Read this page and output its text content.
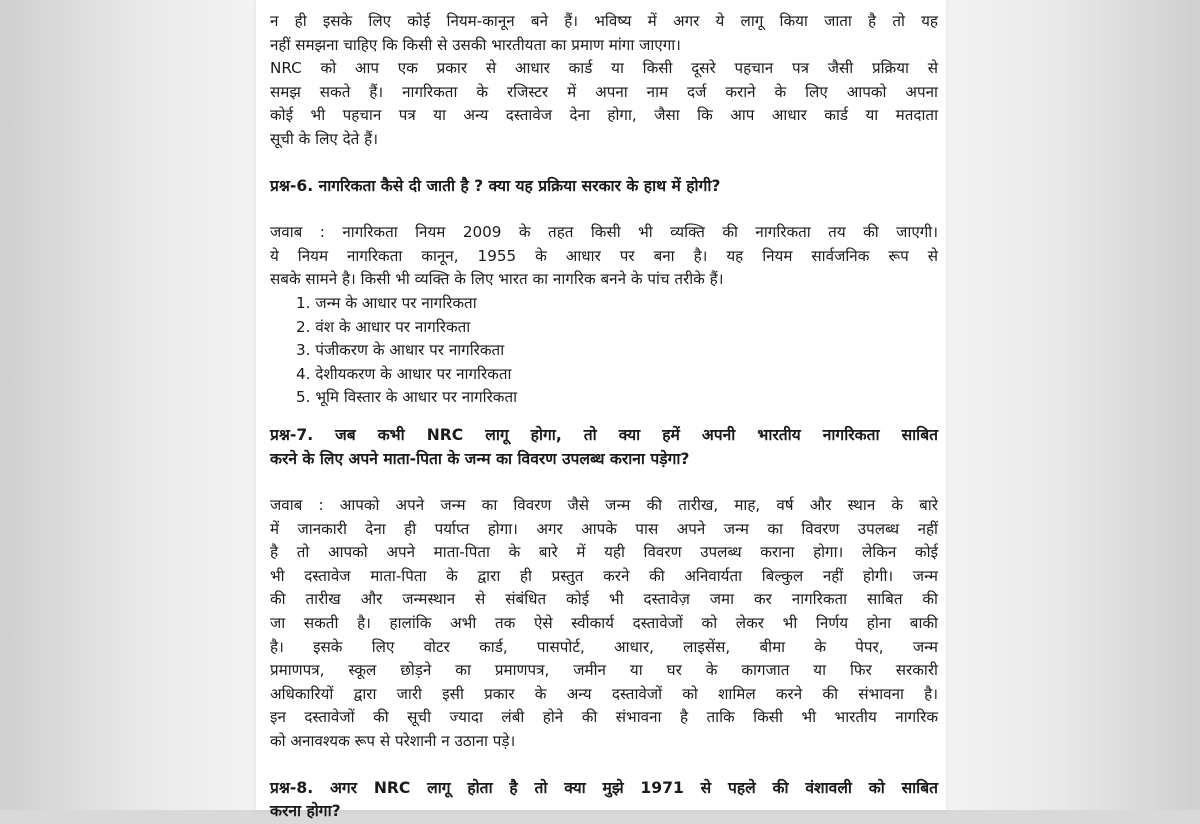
न ही इसके लिए कोई नियम-कानून बने हैं। भविष्य में अगर ये लागू किया जाता है तो यह
नहीं समझना चाहिए कि किसी से उसकी भारतीयता का प्रमाण मांगा जाएगा।
NRC को आप एक प्रकार से आधार कार्ड या किसी दूसरे पहचान पत्र जैसी प्रक्रिया से
समझ सकते हैं। नागरिकता के रजिस्टर में अपना नाम दर्ज कराने के लिए आपको अपना
कोई भी पहचान पत्र या अन्य दस्तावेज देना होगा, जैसा कि आप आधार कार्ड या मतदाता
सूची के लिए देते हैं।
प्रश्न-6. नागरिकता कैसे दी जाती है ? क्या यह प्रक्रिया सरकार के हाथ में होगी?
जवाब : नागरिकता नियम 2009 के तहत किसी भी व्यक्ति की नागरिकता तय की जाएगी।
ये नियम नागरिकता कानून, 1955 के आधार पर बना है। यह नियम सार्वजनिक रूप से
सबके सामने है। किसी भी व्यक्ति के लिए भारत का नागरिक बनने के पांच तरीके हैं।
1. जन्म के आधार पर नागरिकता
2. वंश के आधार पर नागरिकता
3. पंजीकरण के आधार पर नागरिकता
4. देशीयकरण के आधार पर नागरिकता
5. भूमि विस्तार के आधार पर नागरिकता
प्रश्न-7. जब कभी NRC लागू होगा, तो क्या हमें अपनी भारतीय नागरिकता साबित
करने के लिए अपने माता-पिता के जन्म का विवरण उपलब्ध कराना पड़ेगा?
जवाब : आपको अपने जन्म का विवरण जैसे जन्म की तारीख, माह, वर्ष और स्थान के बारे
में जानकारी देना ही पर्याप्त होगा। अगर आपके पास अपने जन्म का विवरण उपलब्ध नहीं
है तो आपको अपने माता-पिता के बारे में यही विवरण उपलब्ध कराना होगा। लेकिन कोई
भी दस्तावेज माता-पिता के द्वारा ही प्रस्तुत करने की अनिवार्यता बिल्कुल नहीं होगी। जन्म
की तारीख और जन्मस्थान से संबंधित कोई भी दस्तावेज़ जमा कर नागरिकता साबित की
जा सकती है। हालांकि अभी तक ऐसे स्वीकार्य दस्तावेजों को लेकर भी निर्णय होना बाकी
है। इसके लिए वोटर कार्ड, पासपोर्ट, आधार, लाइसेंस, बीमा के पेपर, जन्म
प्रमाणपत्र, स्कूल छोड़ने का प्रमाणपत्र, जमीन या घर के कागजात या फिर सरकारी
अधिकारियों द्वारा जारी इसी प्रकार के अन्य दस्तावेजों को शामिल करने की संभावना है।
इन दस्तावेजों की सूची ज्यादा लंबी होने की संभावना है ताकि किसी भी भारतीय नागरिक
को अनावश्यक रूप से परेशानी न उठाना पड़े।
प्रश्न-8. अगर NRC लागू होता है तो क्या मुझे 1971 से पहले की वंशावली को साबित
करना होगा?
